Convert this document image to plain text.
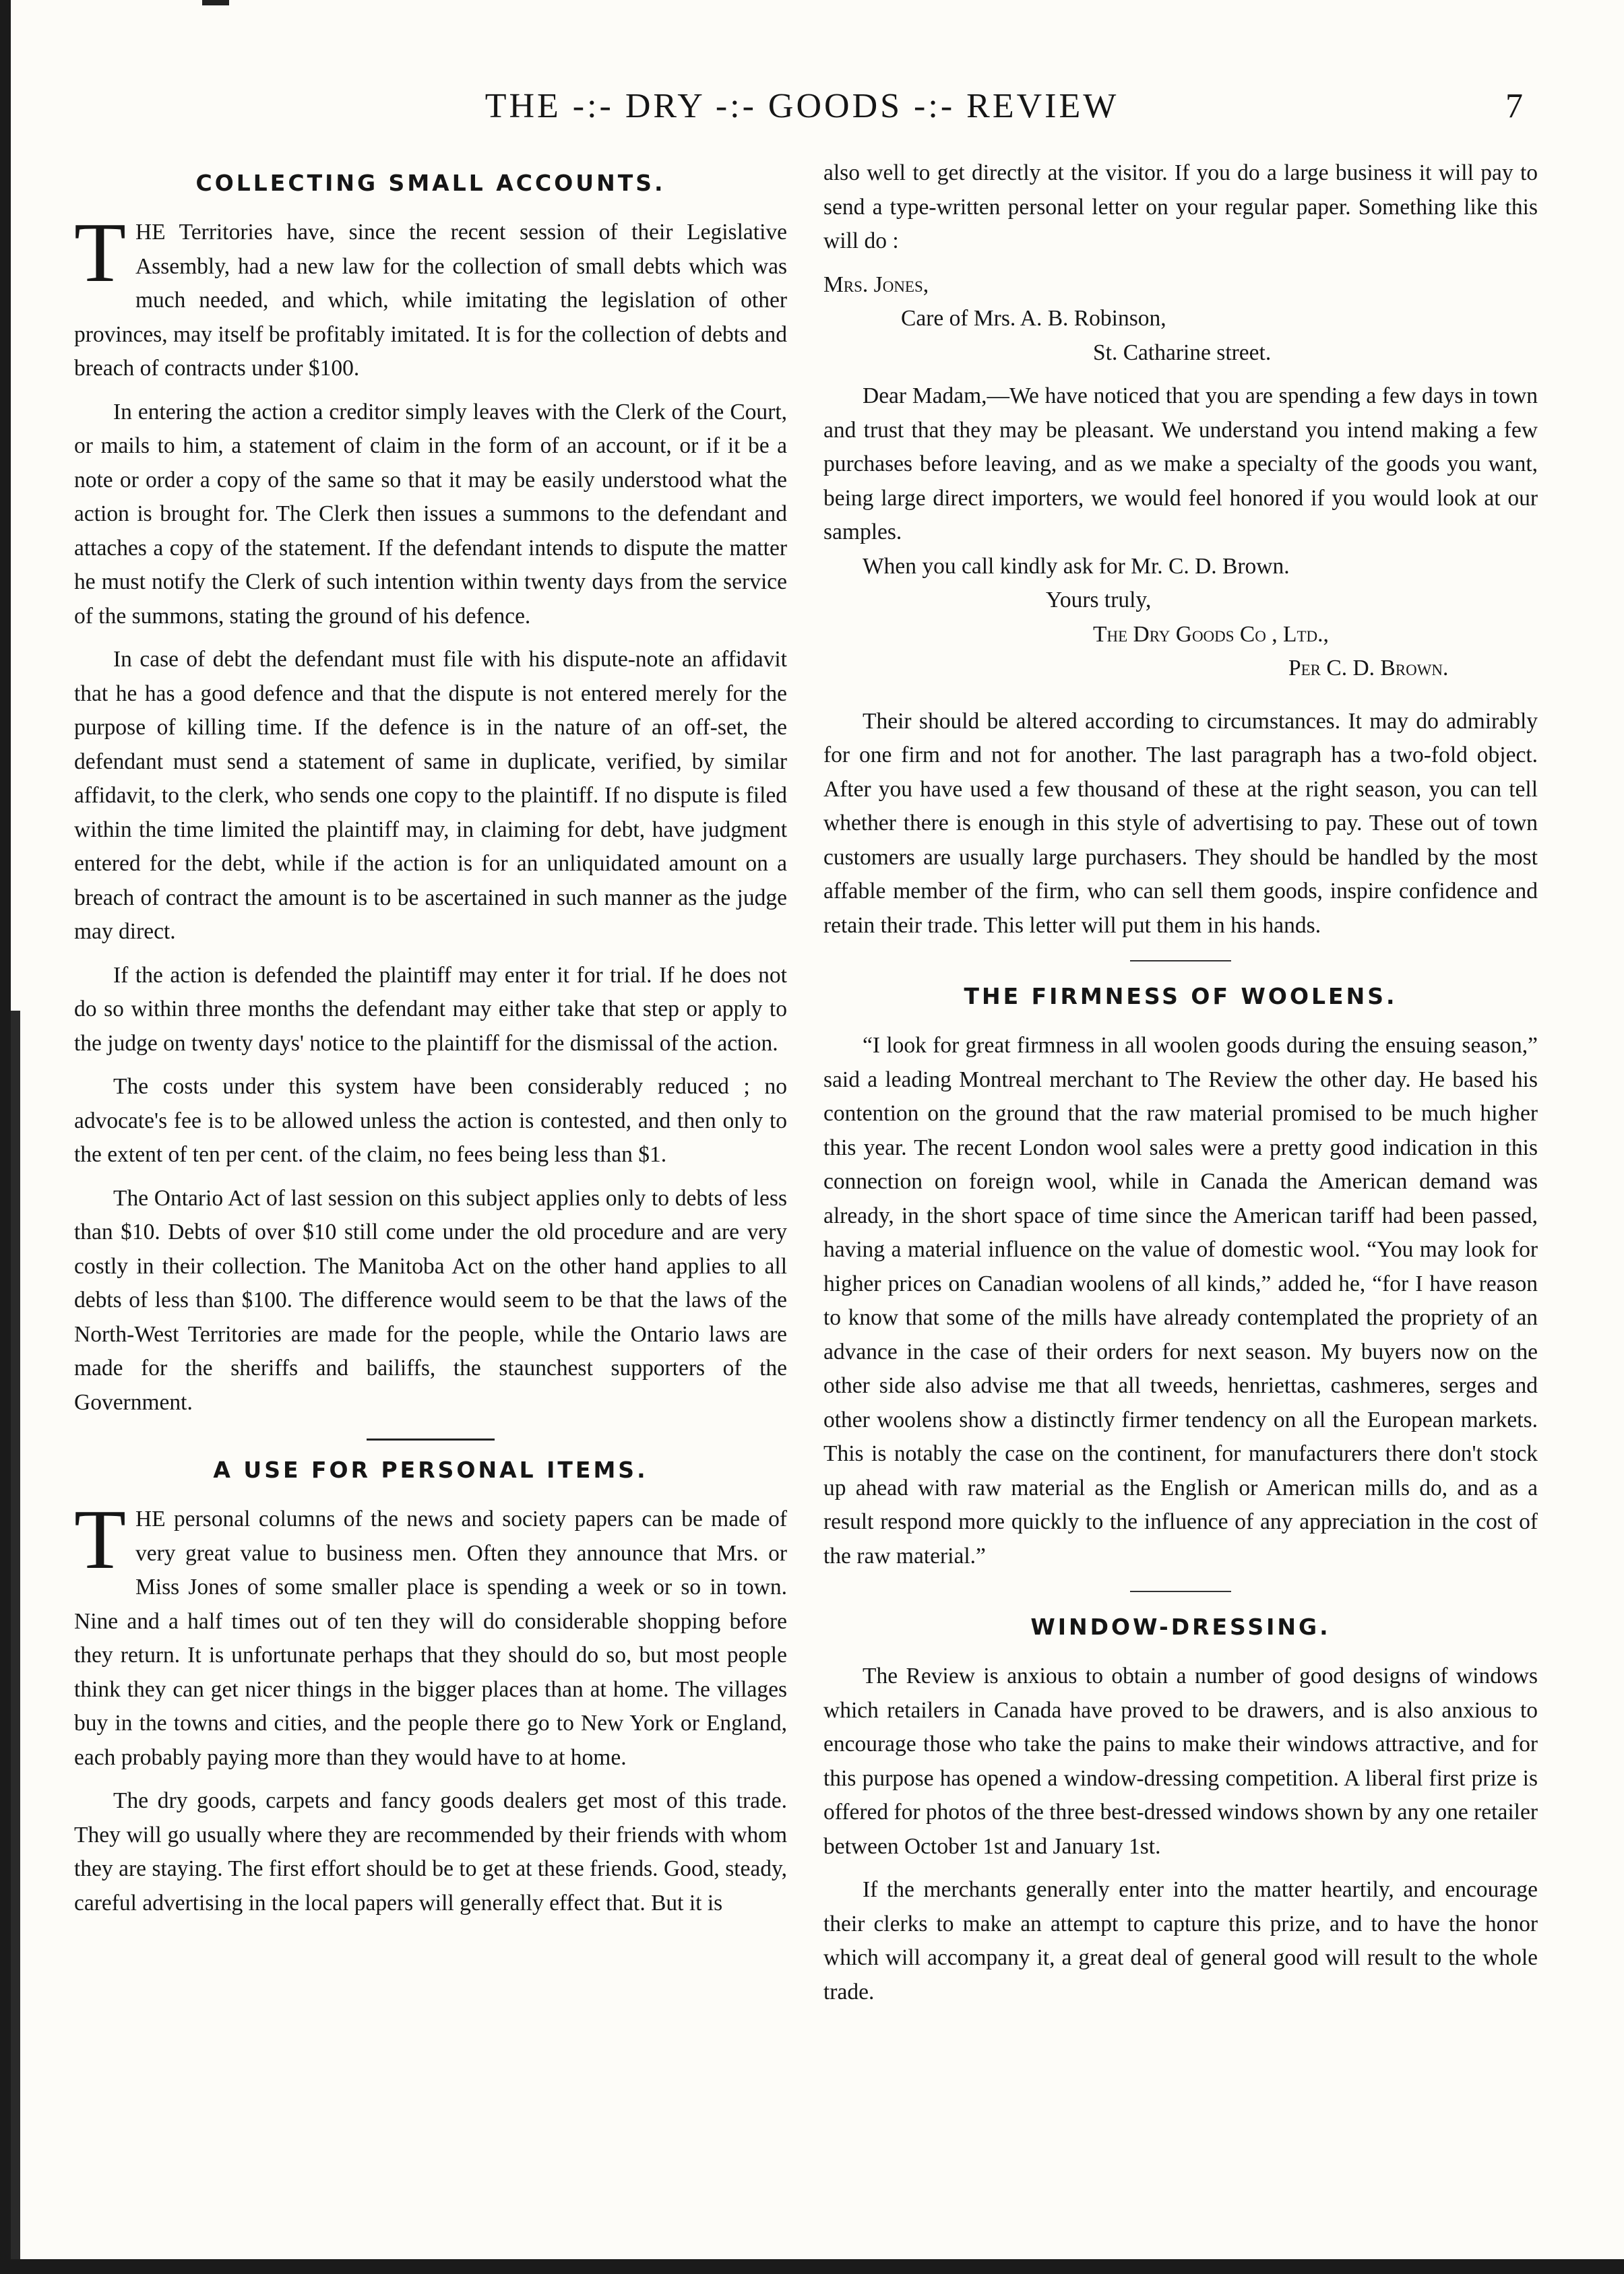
THE -:- DRY -:- GOODS -:- REVIEW	7
COLLECTING SMALL ACCOUNTS.

THE Territories have, since the recent session of their Legislative Assembly, had a new law for the collection of small debts which was much needed, and which, while imitating the legislation of other provinces, may itself be profitably imitated. It is for the collection of debts and breach of contracts under $100.

In entering the action a creditor simply leaves with the Clerk of the Court, or mails to him, a statement of claim in the form of an account, or if it be a note or order a copy of the same so that it may be easily understood what the action is brought for. The Clerk then issues a summons to the defendant and attaches a copy of the statement. If the defendant intends to dispute the matter he must notify the Clerk of such intention within twenty days from the service of the summons, stating the ground of his defence.

In case of debt the defendant must file with his dispute-note an affidavit that he has a good defence and that the dispute is not entered merely for the purpose of killing time. If the defence is in the nature of an off-set, the defendant must send a statement of same in duplicate, verified, by similar affidavit, to the clerk, who sends one copy to the plaintiff. If no dispute is filed within the time limited the plaintiff may, in claiming for debt, have judgment entered for the debt, while if the action is for an unliquidated amount on a breach of contract the amount is to be ascertained in such manner as the judge may direct.

If the action is defended the plaintiff may enter it for trial. If he does not do so within three months the defendant may either take that step or apply to the judge on twenty days' notice to the plaintiff for the dismissal of the action.

The costs under this system have been considerably reduced ; no advocate's fee is to be allowed unless the action is contested, and then only to the extent of ten per cent. of the claim, no fees being less than $1.

The Ontario Act of last session on this subject applies only to debts of less than $10. Debts of over $10 still come under the old procedure and are very costly in their collection. The Manitoba Act on the other hand applies to all debts of less than $100. The difference would seem to be that the laws of the North-West Territories are made for the people, while the Ontario laws are made for the sheriffs and bailiffs, the staunchest supporters of the Government.

A USE FOR PERSONAL ITEMS.

THE personal columns of the news and society papers can be made of very great value to business men. Often they announce that Mrs. or Miss Jones of some smaller place is spending a week or so in town. Nine and a half times out of ten they will do considerable shopping before they return. It is unfortunate perhaps that they should do so, but most people think they can get nicer things in the bigger places than at home. The villages buy in the towns and cities, and the people there go to New York or England, each probably paying more than they would have to at home.

The dry goods, carpets and fancy goods dealers get most of this trade. They will go usually where they are recommended by their friends with whom they are staying. The first effort should be to get at these friends. Good, steady, careful advertising in the local papers will generally effect that. But it is

also well to get directly at the visitor. If you do a large business it will pay to send a type-written personal letter on your regular paper. Something like this will do :

Mrs. Jones,
Care of Mrs. A. B. Robinson,
St. Catharine street.

Dear Madam,—We have noticed that you are spending a few days in town and trust that they may be pleasant. We understand you intend making a few purchases before leaving, and as we make a specialty of the goods you want, being large direct importers, we would feel honored if you would look at our samples.

When you call kindly ask for Mr. C. D. Brown.

Yours truly,
The Dry Goods Co , Ltd.,
Per C. D. Brown.

Their should be altered according to circumstances. It may do admirably for one firm and not for another. The last paragraph has a two-fold object. After you have used a few thousand of these at the right season, you can tell whether there is enough in this style of advertising to pay. These out of town customers are usually large purchasers. They should be handled by the most affable member of the firm, who can sell them goods, inspire confidence and retain their trade. This letter will put them in his hands.

THE FIRMNESS OF WOOLENS.

“I look for great firmness in all woolen goods during the ensuing season,” said a leading Montreal merchant to The Review the other day. He based his contention on the ground that the raw material promised to be much higher this year. The recent London wool sales were a pretty good indication in this connection on foreign wool, while in Canada the American demand was already, in the short space of time since the American tariff had been passed, having a material influence on the value of domestic wool. “You may look for higher prices on Canadian woolens of all kinds,” added he, “for I have reason to know that some of the mills have already contemplated the propriety of an advance in the case of their orders for next season. My buyers now on the other side also advise me that all tweeds, henriettas, cashmeres, serges and other woolens show a distinctly firmer tendency on all the European markets. This is notably the case on the continent, for manufacturers there don't stock up ahead with raw material as the English or American mills do, and as a result respond more quickly to the influence of any appreciation in the cost of the raw material.”

WINDOW-DRESSING.

The Review is anxious to obtain a number of good designs of windows which retailers in Canada have proved to be drawers, and is also anxious to encourage those who take the pains to make their windows attractive, and for this purpose has opened a window-dressing competition. A liberal first prize is offered for photos of the three best-dressed windows shown by any one retailer between October 1st and January 1st.

If the merchants generally enter into the matter heartily, and encourage their clerks to make an attempt to capture this prize, and to have the honor which will accompany it, a great deal of general good will result to the whole trade.
